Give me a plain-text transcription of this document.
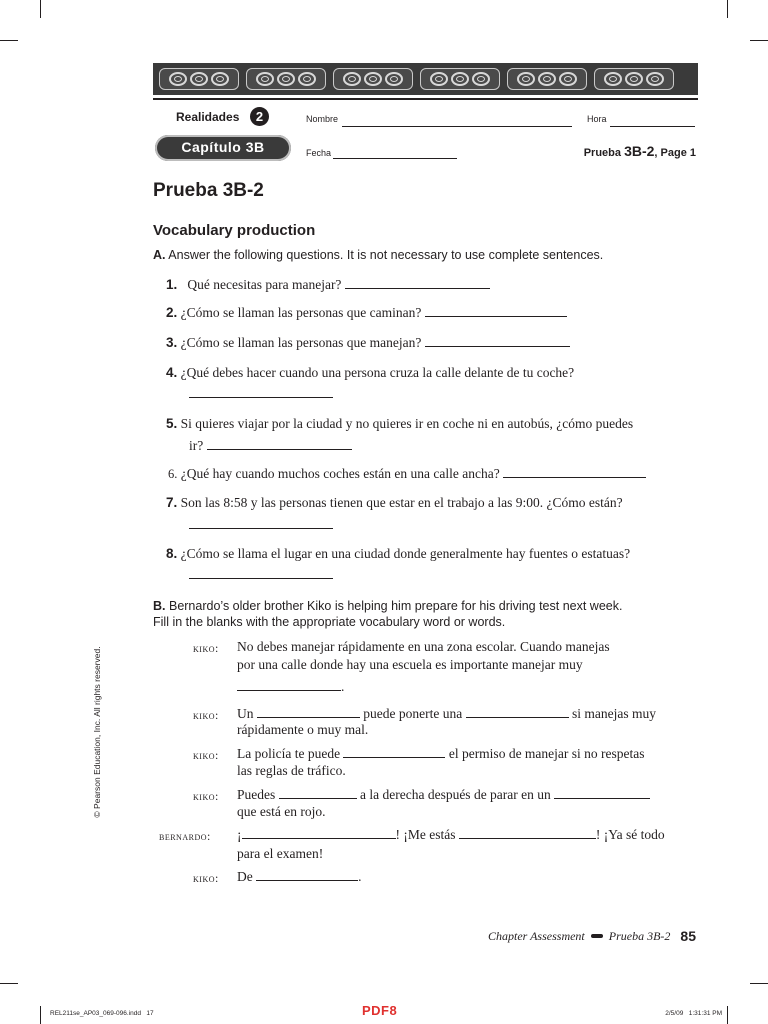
Realidades	2
Capítulo 3B
Nombre	Hora
Fecha	Prueba 3B-2, Page 1
Prueba 3B-2
Vocabulary production
A. Answer the following questions. It is not necessary to use complete sentences.
1. Qué necesitas para manejar?
2. ¿Cómo se llaman las personas que caminan?
3. ¿Cómo se llaman las personas que manejan?
4. ¿Qué debes hacer cuando una persona cruza la calle delante de tu coche?
5. Si quieres viajar por la ciudad y no quieres ir en coche ni en autobús, ¿cómo puedes
ir?
6. ¿Qué hay cuando muchos coches están en una calle ancha?
7. Son las 8:58 y las personas tienen que estar en el trabajo a las 9:00. ¿Cómo están?
8. ¿Cómo se llama el lugar en una ciudad donde generalmente hay fuentes o estatuas?
B. Bernardo’s older brother Kiko is helping him prepare for his driving test next week.
Fill in the blanks with the appropriate vocabulary word or words.
kiko: No debes manejar rápidamente en una zona escolar. Cuando manejas
por una calle donde hay una escuela es importante manejar muy
.
kiko: Un	puede ponerte una	si manejas muy
rápidamente o muy mal.
kiko: La policía te puede	el permiso de manejar si no respetas
las reglas de tráfico.
kiko: Puedes	a la derecha después de parar en un
que está en rojo.
bernardo: ¡	! ¡Me estás	! ¡Ya sé todo
para el examen!
kiko: De	.
© Pearson Education, Inc. All rights reserved.
Chapter Assessment Prueba 3B-2 85
REL211se_AP03_069-096.indd   17	PDF8	2/5/09   1:31:31 PM
